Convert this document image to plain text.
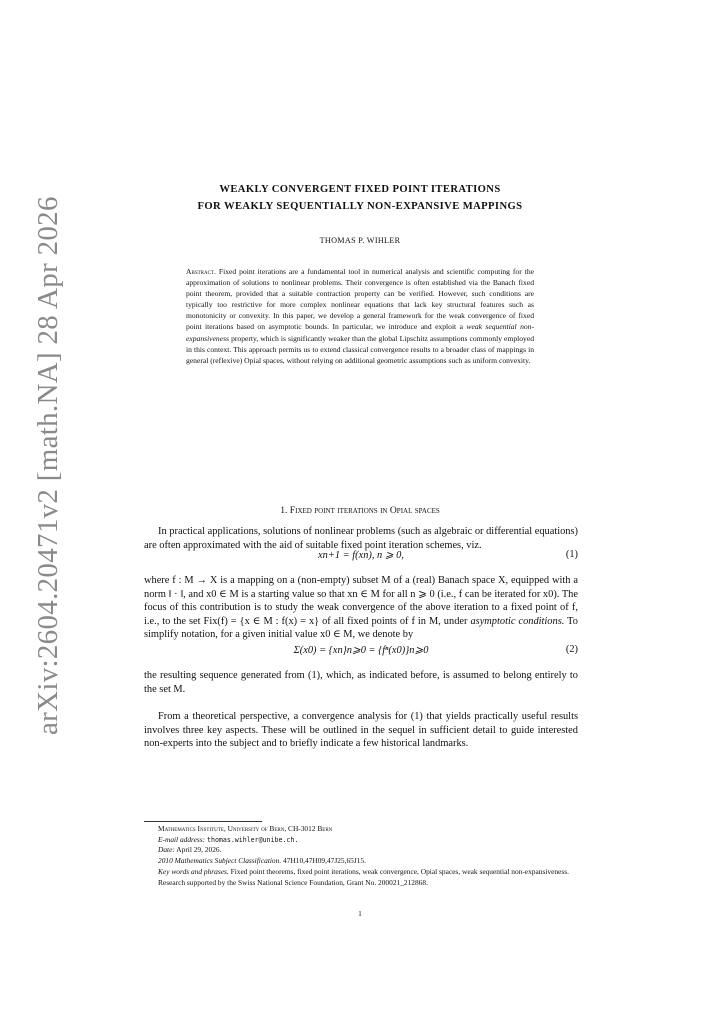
arXiv:2604.20471v2 [math.NA] 28 Apr 2026
WEAKLY CONVERGENT FIXED POINT ITERATIONS
FOR WEAKLY SEQUENTIALLY NON-EXPANSIVE MAPPINGS
THOMAS P. WIHLER
Abstract. Fixed point iterations are a fundamental tool in numerical analysis and scientific computing for the approximation of solutions to nonlinear problems. Their convergence is often established via the Banach fixed point theorem, provided that a suitable contraction property can be verified. However, such conditions are typically too restrictive for more complex nonlinear equations that lack key structural features such as monotonicity or convexity. In this paper, we develop a general framework for the weak convergence of fixed point iterations based on asymptotic bounds. In particular, we introduce and exploit a weak sequential non-expansiveness property, which is significantly weaker than the global Lipschitz assumptions commonly employed in this context. This approach permits us to extend classical convergence results to a broader class of mappings in general (reflexive) Opial spaces, without relying on additional geometric assumptions such as uniform convexity.
1. Fixed point iterations in Opial spaces

In practical applications, solutions of nonlinear problems (such as algebraic or differential equations) are often approximated with the aid of suitable fixed point iteration schemes, viz.

xn+1 = f(xn), n ⩾ 0,	(1)

where f : M → X is a mapping on a (non-empty) subset M of a (real) Banach space X, equipped with a norm ‖ · ‖, and x0 ∈ M is a starting value so that xn ∈ M for all n ⩾ 0 (i.e., f can be iterated for x0). The focus of this contribution is to study the weak convergence of the above iteration to a fixed point of f, i.e., to the set Fix(f) = {x ∈ M : f(x) = x} of all fixed points of f in M, under asymptotic conditions. To simplify notation, for a given initial value x0 ∈ M, we denote by

Σ(x0) = {xn}n⩾0 = {fⁿ(x0)}n⩾0	(2)

the resulting sequence generated from (1), which, as indicated before, is assumed to belong entirely to the set M.

From a theoretical perspective, a convergence analysis for (1) that yields practically useful results involves three key aspects. These will be outlined in the sequel in sufficient detail to guide interested non-experts into the subject and to briefly indicate a few historical landmarks.

Mathematics Institute, University of Bern, CH-3012 Bern
E-mail address: thomas.wihler@unibe.ch.
Date: April 29, 2026.
2010 Mathematics Subject Classification. 47H10,47H09,47J25,65J15.
Key words and phrases. Fixed point theorems, fixed point iterations, weak convergence, Opial spaces, weak sequential non-expansiveness.
Research supported by the Swiss National Science Foundation, Grant No. 200021_212868.
1
